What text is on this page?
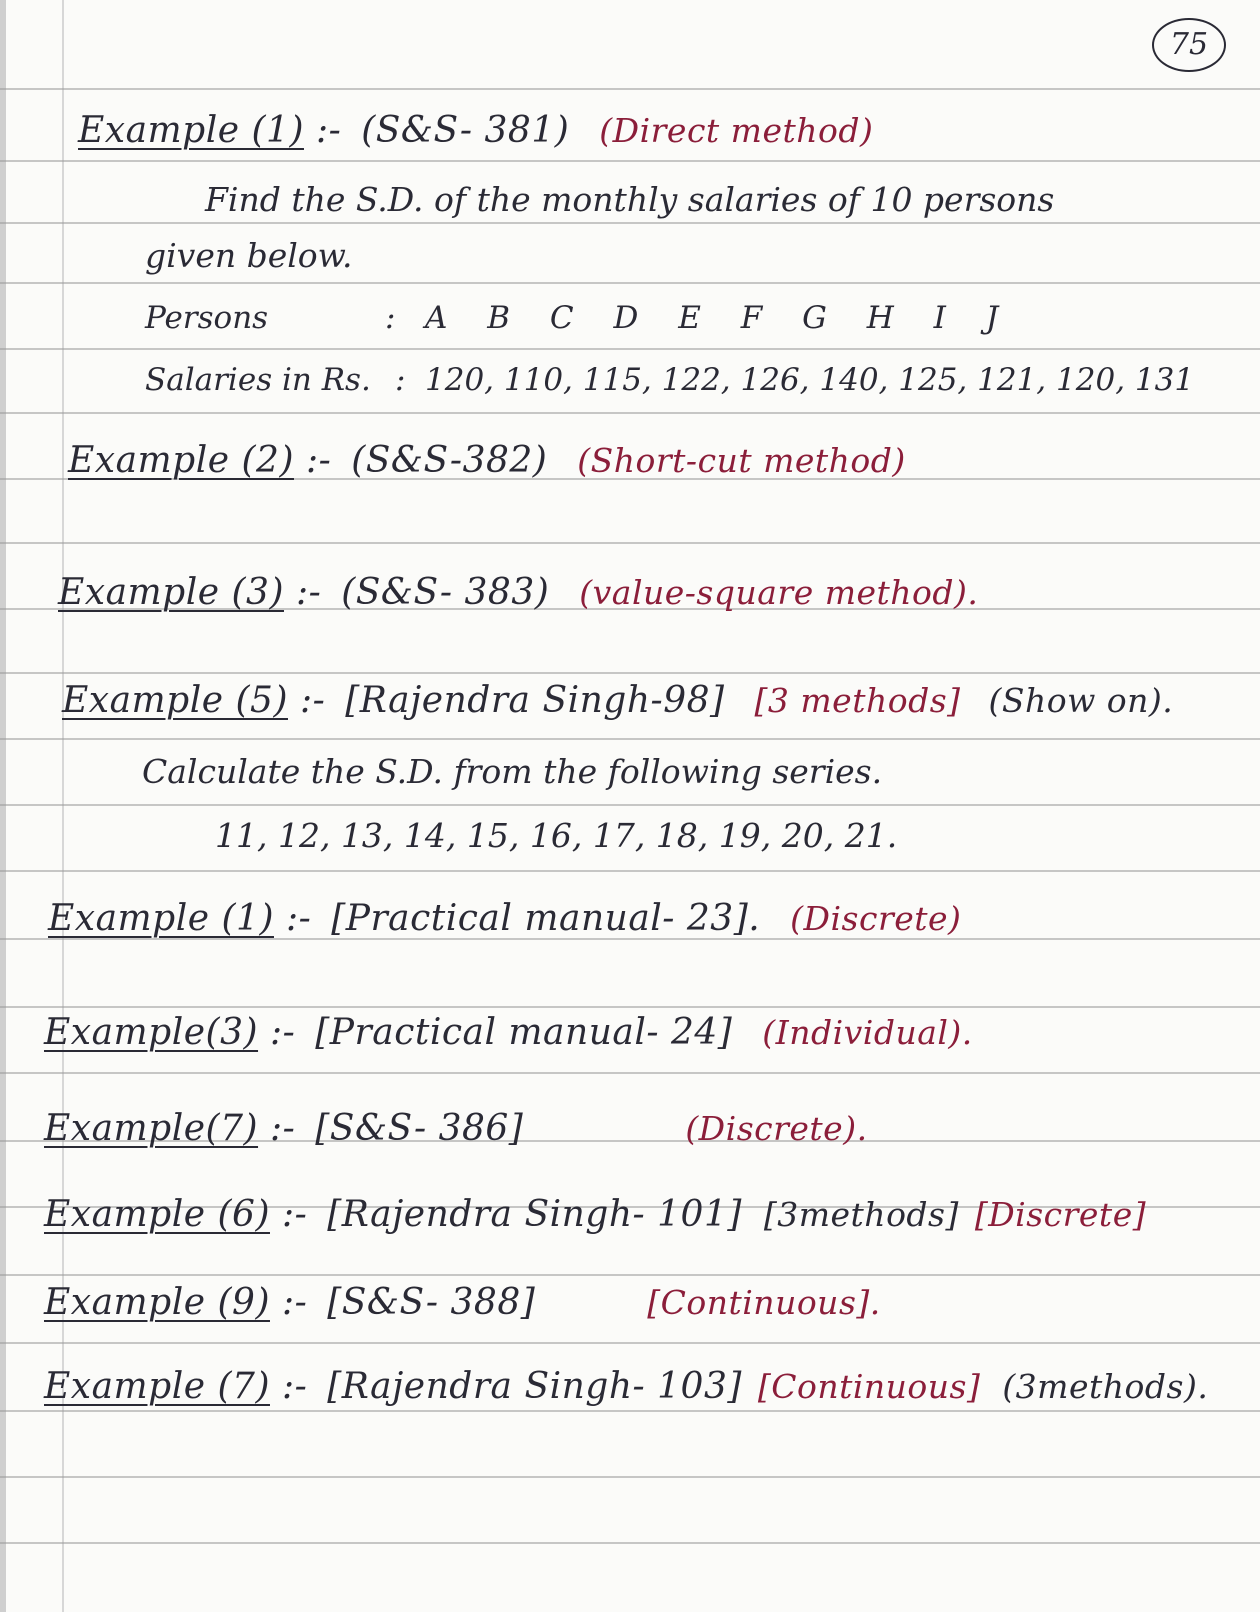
75
Example (1) :- (S&S- 381) (Direct method)
Find the S.D. of the monthly salaries of 10 persons
given below.
Persons	: A B C D E F G H I J
Salaries in Rs. : 120, 110, 115, 122, 126, 140, 125, 121, 120, 131
Example (2) :- (S&S-382) (Short-cut method)
Example (3) :- (S&S- 383) (value-square method).
Example (5) :- [Rajendra Singh-98] [3 methods] (Show on).
Calculate the S.D. from the following series.
11, 12, 13, 14, 15, 16, 17, 18, 19, 20, 21.
Example (1) :- [Practical manual- 23]. (Discrete)
Example(3) :- [Practical manual- 24] (Individual).
Example(7) :- [S&S- 386]	(Discrete).
Example (6) :- [Rajendra Singh- 101] [3methods] [Discrete]
Example (9) :- [S&S- 388]	[Continuous].
Example (7) :- [Rajendra Singh- 103] [Continuous] (3methods).
